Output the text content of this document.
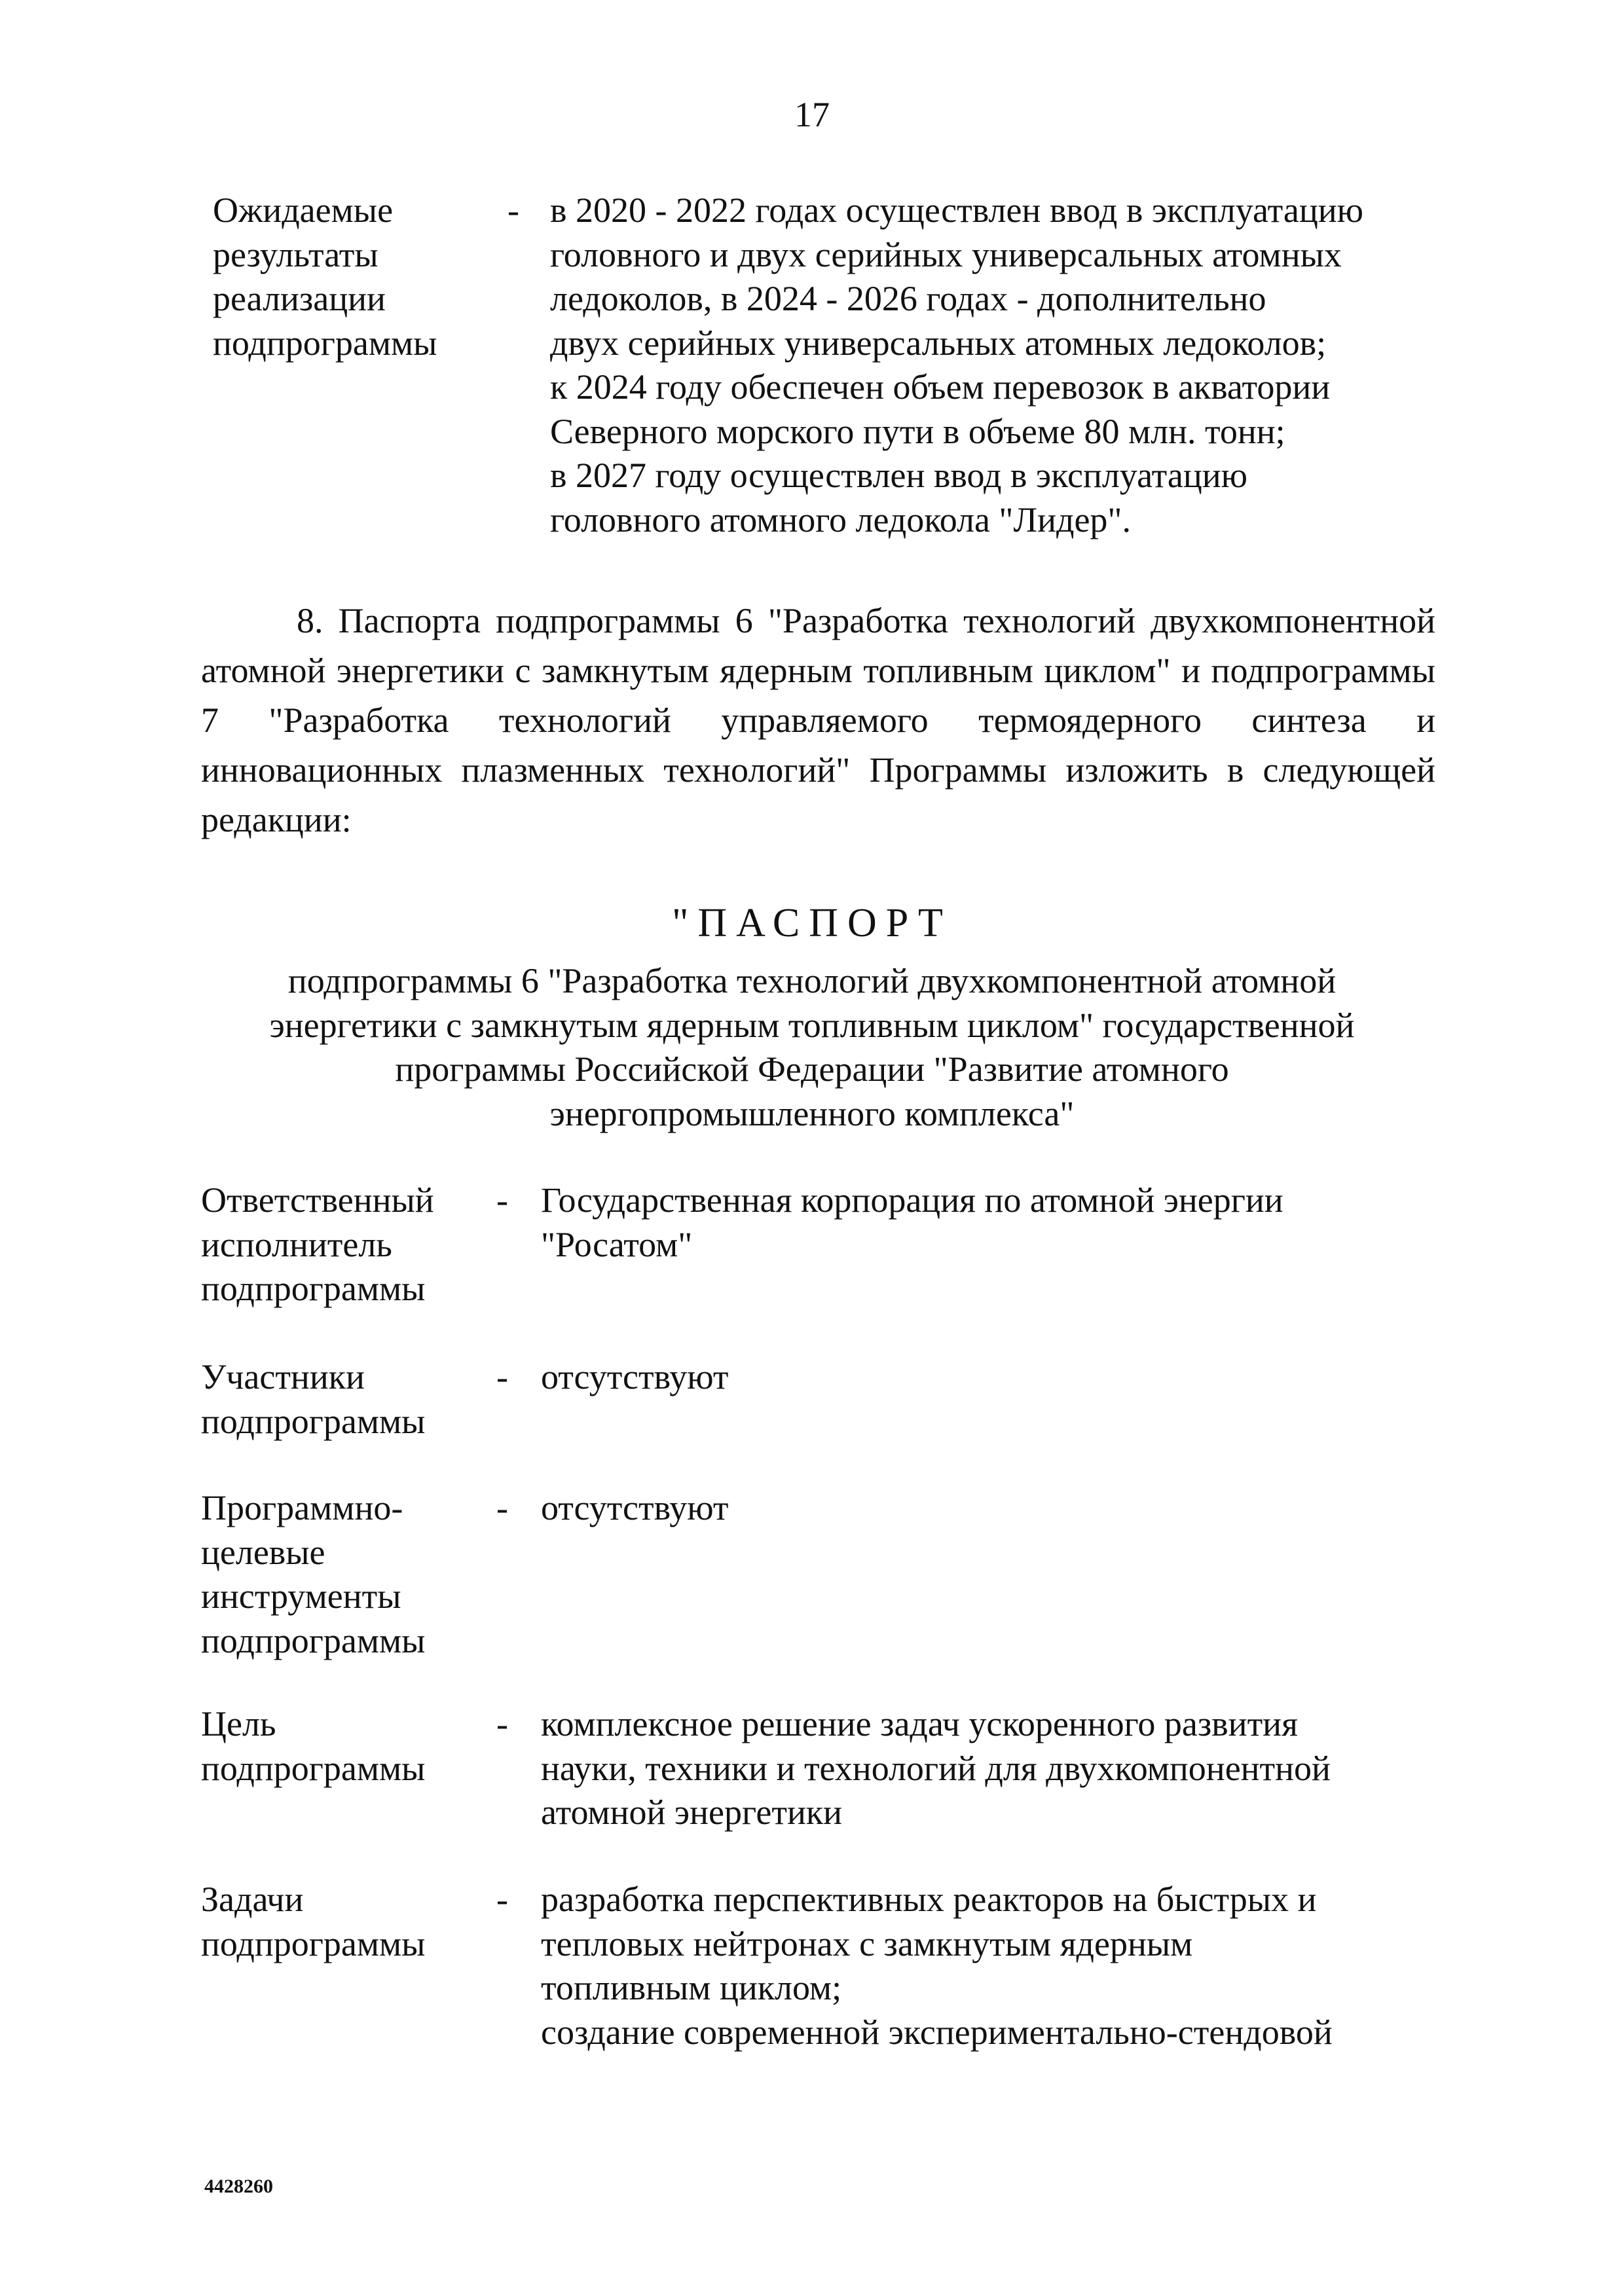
17
Ожидаемые
результаты
реализации
подпрограммы
- в 2020 - 2022 годах осуществлен ввод в эксплуатацию
головного и двух серийных универсальных атомных
ледоколов, в 2024 - 2026 годах - дополнительно
двух серийных универсальных атомных ледоколов;
к 2024 году обеспечен объем перевозок в акватории
Северного морского пути в объеме 80 млн. тонн;
в 2027 году осуществлен ввод в эксплуатацию
головного атомного ледокола "Лидер".
8. Паспорта подпрограммы 6 "Разработка технологий двухкомпонентной атомной энергетики с замкнутым ядерным топливным циклом" и подпрограммы 7 "Разработка технологий управляемого термоядерного синтеза и инновационных плазменных технологий" Программы изложить в следующей редакции:
"ПАСПОРТ
подпрограммы 6 "Разработка технологий двухкомпонентной атомной
энергетики с замкнутым ядерным топливным циклом" государственной
программы Российской Федерации "Развитие атомного
энергопромышленного комплекса"
Ответственный
исполнитель
подпрограммы
- Государственная корпорация по атомной энергии
"Росатом"
Участники
подпрограммы
- отсутствуют
Программно-
целевые
инструменты
подпрограммы
- отсутствуют
Цель
подпрограммы
- комплексное решение задач ускоренного развития
науки, техники и технологий для двухкомпонентной
атомной энергетики
Задачи
подпрограммы
- разработка перспективных реакторов на быстрых и
тепловых нейтронах с замкнутым ядерным
топливным циклом;
создание современной экспериментально-стендовой
4428260
